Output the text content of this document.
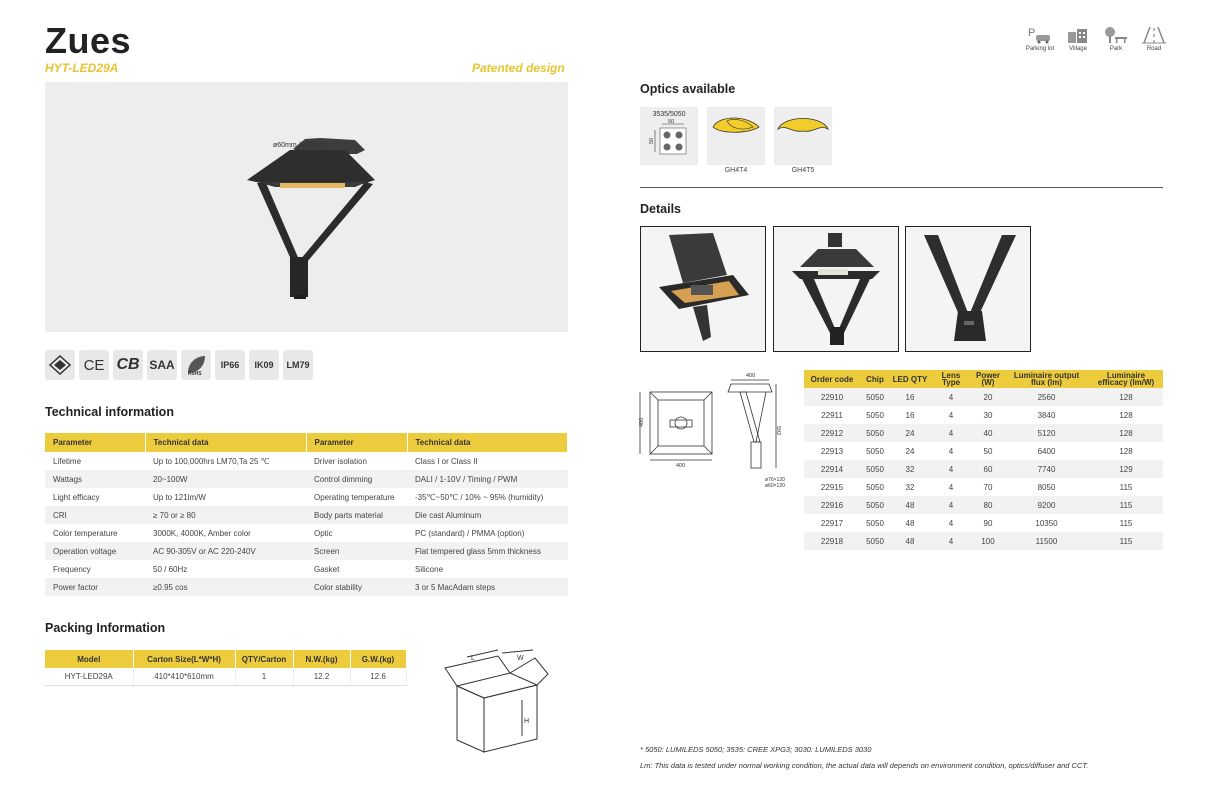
Zues
HYT-LED29A	Patented design
P
Parking lot Village	Park	Road
ø60mm / ø76mm
CE CB SAA
RoHS
IP66	IK09	LM79
Technical information
Parameter	Technical data	Parameter	Technical data
Lifetime	Up to 100,000hrs LM70,Ta 25 ℃	Driver isolation	Class I or Class II
Wattags	20~100W	Control dimming	DALI / 1-10V / Timing / PWM
Light efficacy	Up to 121lm/W	Operating temperature	-35℃~50℃ / 10% ~ 95% (humidity)
CRI	≥ 70 or ≥ 80	Body parts material	Die cast Aluminum
Color temperature	3000K, 4000K, Amber color	Optic	PC (standard) / PMMA (option)
Operation voltage	AC 90-305V or AC 220-240V	Screen	Flat tempered glass 5mm thickness
Frequency	50 / 60Hz	Gasket	Silicone
Power factor	≥0.95 cos	Color stability	3 or 5 MacAdam steps
Packing Information
Model	Carton Size(L*W*H)	QTY/Carton	N.W.(kg)	G.W.(kg)
HYT-LED29A	410*410*610mm	1	12.2	12.6
L	W
H
Optics available
3535/5050
50
50
GH4T4	GH4T5
Details
400
400
400
592
ø76×120
ø60×120
Order code	Chip	LED QTY	Lens Type	Power (W)	Luminaire output flux (lm)	Luminaire efficacy (lm/W)
22910	5050	16	4	20	2560	128
22911	5050	16	4	30	3840	128
22912	5050	24	4	40	5120	128
22913	5050	24	4	50	6400	128
22914	5050	32	4	60	7740	129
22915	5050	32	4	70	8050	115
22916	5050	48	4	80	9200	115
22917	5050	48	4	90	10350	115
22918	5050	48	4	100	11500	115
* 5050: LUMILEDS 5050; 3535: CREE XPG3; 3030: LUMILEDS 3030
Lm: This data is tested under normal working condition, the actual data will depends on environment condition, optics/diffuser and CCT.
